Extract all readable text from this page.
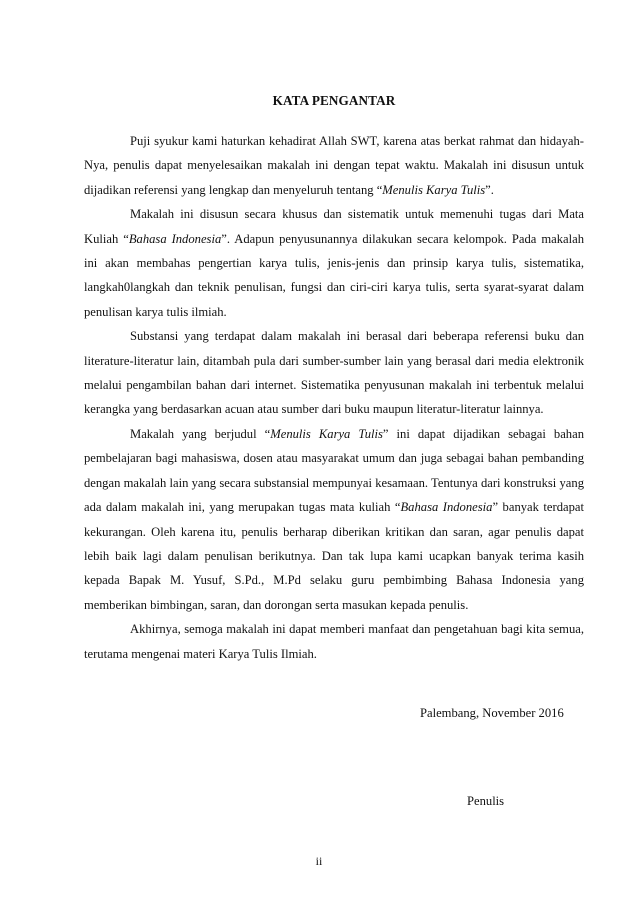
KATA PENGANTAR

Puji syukur kami haturkan kehadirat Allah SWT, karena atas berkat rahmat dan hidayah-Nya, penulis dapat menyelesaikan makalah ini dengan tepat waktu. Makalah ini disusun untuk dijadikan referensi yang lengkap dan menyeluruh tentang “Menulis Karya Tulis”.

Makalah ini disusun secara khusus dan sistematik untuk memenuhi tugas dari Mata Kuliah “Bahasa Indonesia”. Adapun penyusunannya dilakukan secara kelompok. Pada makalah ini akan membahas pengertian karya tulis, jenis-jenis dan prinsip karya tulis, sistematika, langkah0langkah dan teknik penulisan, fungsi dan ciri-ciri karya tulis, serta syarat-syarat dalam penulisan karya tulis ilmiah.

Substansi yang terdapat dalam makalah ini berasal dari beberapa referensi buku dan literature-literatur lain, ditambah pula dari sumber-sumber lain yang berasal dari media elektronik melalui pengambilan bahan dari internet. Sistematika penyusunan makalah ini terbentuk melalui kerangka yang berdasarkan acuan atau sumber dari buku maupun literatur-literatur lainnya.

Makalah yang berjudul “Menulis Karya Tulis” ini dapat dijadikan sebagai bahan pembelajaran bagi mahasiswa, dosen atau masyarakat umum dan juga sebagai bahan pembanding dengan makalah lain yang secara substansial mempunyai kesamaan. Tentunya dari konstruksi yang ada dalam makalah ini, yang merupakan tugas mata kuliah “Bahasa Indonesia” banyak terdapat kekurangan. Oleh karena itu, penulis berharap diberikan kritikan dan saran, agar penulis dapat lebih baik lagi dalam penulisan berikutnya. Dan tak lupa kami ucapkan banyak terima kasih kepada Bapak M. Yusuf, S.Pd., M.Pd selaku guru pembimbing Bahasa Indonesia yang memberikan bimbingan, saran, dan dorongan serta masukan kepada penulis.

Akhirnya, semoga makalah ini dapat memberi manfaat dan pengetahuan bagi kita semua, terutama mengenai materi Karya Tulis Ilmiah.

Palembang, November 2016
Penulis
ii
